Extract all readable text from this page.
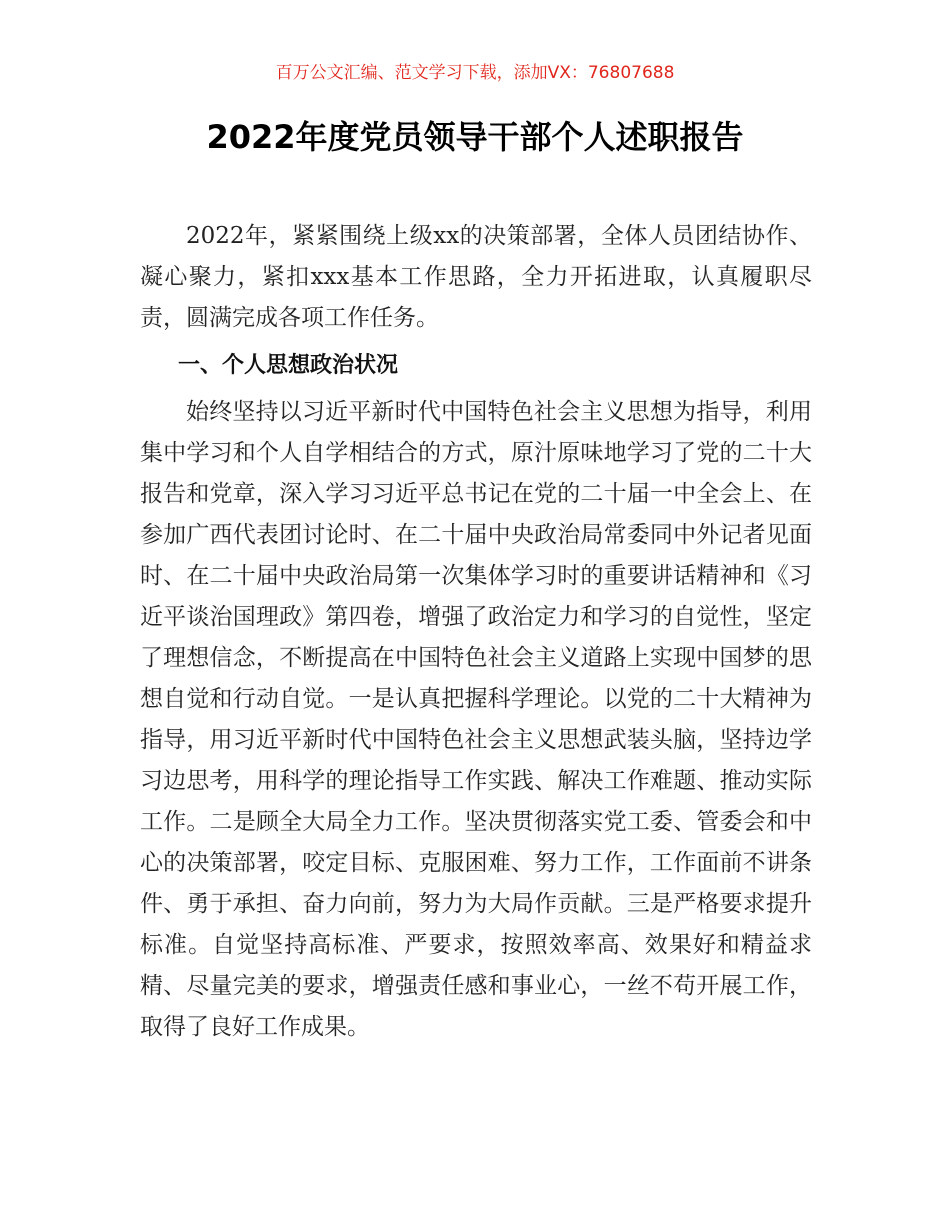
百万公文汇编、范文学习下载，添加VX：76807688
2022年度党员领导干部个人述职报告

2022年，紧紧围绕上级xx的决策部署，全体人员团结协作、凝心聚力，紧扣xxx基本工作思路，全力开拓进取，认真履职尽责，圆满完成各项工作任务。

一、个人思想政治状况

始终坚持以习近平新时代中国特色社会主义思想为指导，利用集中学习和个人自学相结合的方式，原汁原味地学习了党的二十大报告和党章，深入学习习近平总书记在党的二十届一中全会上、在参加广西代表团讨论时、在二十届中央政治局常委同中外记者见面时、在二十届中央政治局第一次集体学习时的重要讲话精神和《习近平谈治国理政》第四卷，增强了政治定力和学习的自觉性，坚定了理想信念，不断提高在中国特色社会主义道路上实现中国梦的思想自觉和行动自觉。一是认真把握科学理论。以党的二十大精神为指导，用习近平新时代中国特色社会主义思想武装头脑，坚持边学习边思考，用科学的理论指导工作实践、解决工作难题、推动实际工作。二是顾全大局全力工作。坚决贯彻落实党工委、管委会和中心的决策部署，咬定目标、克服困难、努力工作，工作面前不讲条件、勇于承担、奋力向前，努力为大局作贡献。三是严格要求提升标准。自觉坚持高标准、严要求，按照效率高、效果好和精益求精、尽量完美的要求，增强责任感和事业心，一丝不苟开展工作，取得了良好工作成果。
